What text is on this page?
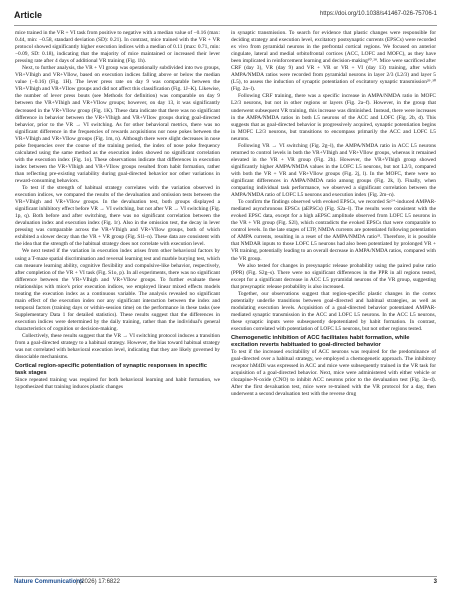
Article	https://doi.org/10.1038/s41467-026-75706-1

mice trained in the VR + VI task from positive to negative with a median value of −0.16 (max: 0.44, min: −0.58, standard deviation (SD): 0.21). In contrast, mice trained with the VR + VR protocol showed significantly higher execution indices with a median of 0.11 (max: 0.71, min: −0.09, SD: 0.18), indicating that the majority of mice maintained or increased their lever pressing rate after 4 days of additional VR training (Fig. 1h).

Next, to further analysis, the VR + VI group was operationally subdivided into two groups, VR+VIhigh and VR+VIlow, based on execution indices falling above or below the median value (−0.16) (Fig. 1H). The lever press rate on day 9 was comparable between the VR+VIhigh and VR+VIlow groups and did not affect this classification (Fig. 1J–K). Likewise, the number of lever press bouts (see Methods for definition) was comparable on day 9 between the VR+VIhigh and VR+VIlow groups; however, on day 13, it was significantly decreased in the VR+VIlow group (Fig. 1K). These data indicate that there was no significant difference in behavior between the VR+VIhigh and VR+VIlow groups during goal-directed behavior, prior to the VR → VI switching. As for other behavioral metrics, there was no significant difference in the frequencies of rewards acquisitions nor nose pokes between the VR+VIhigh and VR+VIlow groups (Fig. 1m, n). Although there were slight decreases in nose poke frequencies over the course of the training period, the index of nose poke frequency calculated using the same method as the execution index showed no significant correlation with the execution index (Fig. 1o). These observations indicate that differences in execution index between the VR+VIhigh and VR+VIlow groups resulted from habit formation, rather than reflecting pre-existing variability during goal-directed behavior nor other variations in reward-consuming behaviors.

To test if the strength of habitual strategy correlates with the variation observed in execution indices, we compared the results of the devaluation and omission tests between the VR+VIhigh and VR+VIlow groups. In the devaluation test, both groups displayed a significant inhibitory effect before VR → VI switching, but not after VR → VI switching (Fig. 1p, q). Both before and after switching, there was no significant correlation between the devaluation index and execution index (Fig. 1r). Also in the omission test, the decay in lever pressing was comparable across the VR+VIhigh and VR+VIlow groups, both of which exhibited a slower decay than the VR + VR group (Fig. S1l–n). These data are consistent with the idea that the strength of the habitual strategy does not correlate with execution level.

We next tested if the variation in execution index arises from other behavioral factors by using a T-maze spatial discrimination and reversal learning test and marble burying test, which can measure learning ability, cognitive flexibility and compulsive-like behavior, respectively, after completion of the VR + VI task (Fig. S1o, p). In all experiments, there was no significant difference between the VR+VIhigh and VR+VIlow groups. To further evaluate these relationships with mice's prior execution indices, we employed linear mixed effects models treating the execution index as a continuous variable. The analysis revealed no significant main effect of the execution index nor any significant interaction between the index and temporal factors (training days or within-session time) on the performance in these tasks (see Supplementary Data 1 for detailed statistics). These results suggest that the differences in execution indices were determined by the daily training, rather than the individual's general characteristics of cognition or decision-making.

Collectively, these results suggest that the VR → VI switching protocol induces a transition from a goal-directed strategy to a habitual strategy. However, the bias toward habitual strategy was not correlated with behavioral execution level, indicating that they are likely governed by dissociable mechanisms.

Cortical region-specific potentiation of synaptic responses in specific task stages

Since repeated training was required for both behavioral learning and habit formation, we hypothesized that training induces plastic changes

in synaptic transmission. To search for evidence that plastic changes were responsible for deciding strategy and execution level, excitatory postsynaptic currents (EPSCs) were recorded ex vivo from pyramidal neurons in the prefrontal cortical regions. We focused on anterior cingulate, lateral and medial orbitofrontal cortices (ACC, LOFC and MOFC), as they have been implicated in reinforcement learning and decision-making¹⁰˒²⁸. Mice were sacrificed after CRF (day 3), VR (day 9) and VR + VR or VR + VI (day 13) training, after which AMPA/NMDA ratios were recorded from pyramidal neurons in layer 2/3 (L2/3) and layer 5 (L5), to assess the induction of synaptic potentiation of excitatory synaptic transmission²⁹˒³⁰ (Fig. 2a–l).

Following CRF training, there was a specific increase in AMPA/NMDA ratio in MOFC L2/3 neurons, but not in other regions or layers (Fig. 2a–f). However, in the group that underwent subsequent VR training, this increase was diminished. Instead, there were increases in the AMPA/NMDA ratios in both L5 neurons of the ACC and LOFC (Fig. 2b, d). This suggests that as goal-directed behavior is progressively acquired, synaptic potentiation begins in MOFC L2/3 neurons, but transitions to encompass primarily the ACC and LOFC L5 neurons.

Following VR → VI switching (Fig. 2g–l), the AMPA/NMDA ratio in ACC L5 neurons returned to control levels in both the VR+VIhigh and VR+VIlow groups, whereas it remained elevated in the VR + VR group (Fig. 2h). However, the VR+VIhigh group showed significantly higher AMPA/NMDA values in the LOFC L5 neurons, but not L2/3, compared with both the VR + VR and VR+VIlow groups (Fig. 2j, l). In the MOFC, there were no significant differences in AMPA/NMDA ratio among groups (Fig. 2k, l). Finally, when comparing individual task performance, we observed a significant correlation between the AMPA/NMDA ratio of LOFC L5 neurons and execution index (Fig. 2m–n).

To confirm the findings observed with evoked EPSCs, we recorded Sr²⁺-induced AMPAR-mediated asynchronous EPSCs (aEPSCs) (Fig. S2a–l). The results were consistent with the evoked EPSC data, except for a high aEPSC amplitude observed from LOFC L5 neurons in the VR + VR group (Fig. S2l), which contradicts the evoked EPSCs that were comparable to control levels. In the late stages of LTP, NMDA currents are potentiated following potentiation of AMPA currents, resulting in a reset of the AMPA/NMDA ratio³¹. Therefore, it is possible that NMDAR inputs to those LOFC L5 neurons had also been potentiated by prolonged VR + VR training, potentially leading to an overall decrease in AMPA/NMDA ratios, compared with the VR group.

We also tested for changes in presynaptic release probability using the paired pulse ratio (PPR) (Fig. S2g–s). There were no significant differences in the PPR in all regions tested, except for a significant decrease in ACC L5 pyramidal neurons of the VR group, suggesting that presynaptic release probability is also increased.

Together, our observations suggest that region-specific plastic changes in the cortex potentially underlie transitions between goal-directed and habitual strategies, as well as modulating execution levels. Acquisition of a goal-directed behavior potentiated AMPAR-mediated synaptic transmission in the ACC and LOFC L5 neurons. In the ACC L5 neurons, these synaptic inputs were subsequently depotentiated by habit formation. In contrast, execution correlated with potentiation of LOFC L5 neurons, but not other regions tested.

Chemogenetic inhibition of ACC facilitates habit formation, while excitation reverts habituated to goal-directed behavior

To test if the increased excitability of ACC neurons was required for the predominance of goal-directed over a habitual strategy, we employed a chemogenetic approach. The inhibitory receptor hM4Di was expressed in ACC and mice were subsequently trained in the VR task for acquisition of a goal-directed behavior. Next, mice were administered with either vehicle or clozapine-N-oxide (CNO) to inhibit ACC neurons prior to the devaluation test (Fig. 3a–d). After the first devaluation test, mice were re-trained with the VR protocol for a day, then underwent a second devaluation test with the reverse drug

Nature Communications
| (2026) 17:6822	3
